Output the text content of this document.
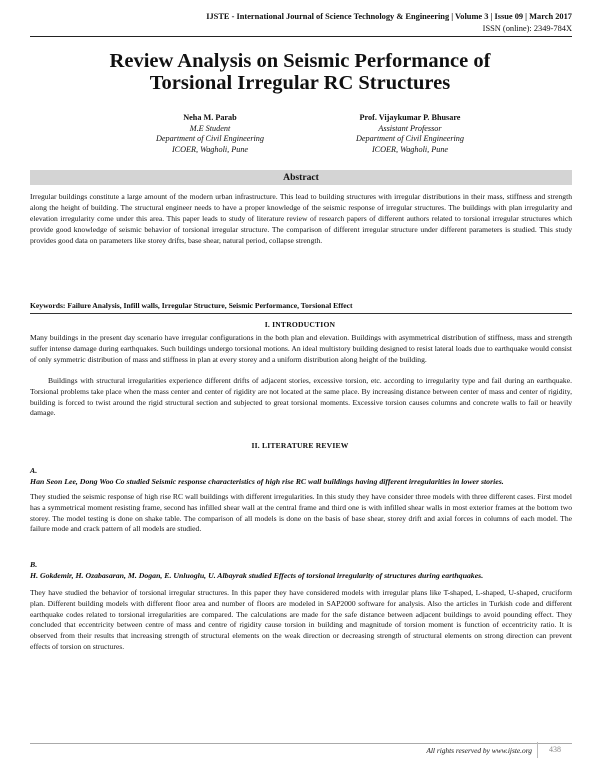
IJSTE - International Journal of Science Technology & Engineering | Volume 3 | Issue 09 | March 2017
ISSN (online): 2349-784X
Review Analysis on Seismic Performance of
Torsional Irregular RC Structures
Neha M. Parab
M.E Student
Department of Civil Engineering
ICOER, Wagholi, Pune
Prof. Vijaykumar P. Bhusare
Assistant Professor
Department of Civil Engineering
ICOER, Wagholi, Pune
Abstract
Irregular buildings constitute a large amount of the modern urban infrastructure. This lead to building structures with irregular distributions in their mass, stiffness and strength along the height of building. The structural engineer needs to have a proper knowledge of the seismic response of irregular structures. The buildings with plan irregularity and elevation irregularity come under this area. This paper leads to study of literature review of research papers of different authors related to torsional irregular structures which provide good knowledge of seismic behavior of torsional irregular structure. The comparison of different irregular structure under different parameters is studied. This study provides good data on parameters like storey drifts, base shear, natural period, collapse strength.
Keywords: Failure Analysis, Infill walls, Irregular Structure, Seismic Performance, Torsional Effect
I. INTRODUCTION
Many buildings in the present day scenario have irregular configurations in the both plan and elevation. Buildings with asymmetrical distribution of stiffness, mass and strength suffer intense damage during earthquakes. Such buildings undergo torsional motions. An ideal multistory building designed to resist lateral loads due to earthquake would consist of only symmetric distribution of mass and stiffness in plan at every storey and a uniform distribution along height of the building.
Buildings with structural irregularities experience different drifts of adjacent stories, excessive torsion, etc. according to irregularity type and fail during an earthquake. Torsional problems take place when the mass center and center of rigidity are not located at the same place. By increasing distance between center of mass and center of rigidity, building is forced to twist around the rigid structural section and subjected to great torsional moments. Excessive torsion causes columns and concrete walls to fail or heavily damage.
II. LITERATURE REVIEW
A.Han Seon Lee, Dong Woo Co studied Seismic response characteristics of high rise RC wall buildings having different irregularities in lower stories.
They studied the seismic response of high rise RC wall buildings with different irregularities. In this study they have consider three models with three different cases. First model has a symmetrical moment resisting frame, second has infilled shear wall at the central frame and third one is with infilled shear walls in most exterior frames at the bottom two storey. The model testing is done on shake table. The comparison of all models is done on the basis of base shear, storey drift and axial forces in columns of each model. The failure mode and crack pattern of all models are studied.
B.H. Gokdemir, H. Ozabasaran, M. Dogan, E. Unluoglu, U. Albayrak studied Effects of torsional irregularity of structures during earthquakes.
They have studied the behavior of torsional irregular structures. In this paper they have considered models with irregular plans like T-shaped, L-shaped, U-shaped, cruciform plan. Different building models with different floor area and number of floors are modeled in SAP2000 software for analysis. Also the articles in Turkish code and different earthquake codes related to torsional irregularities are compared. The calculations are made for the safe distance between adjacent buildings to avoid pounding effect. They concluded that eccentricity between centre of mass and centre of rigidity cause torsion in building and magnitude of torsion moment is function of eccentricity ratio. It is observed from their results that increasing strength of structural elements on the weak direction or decreasing strength of structural elements on strong direction can prevent effects of torsion on structures.
All rights reserved by www.ijste.org	438
